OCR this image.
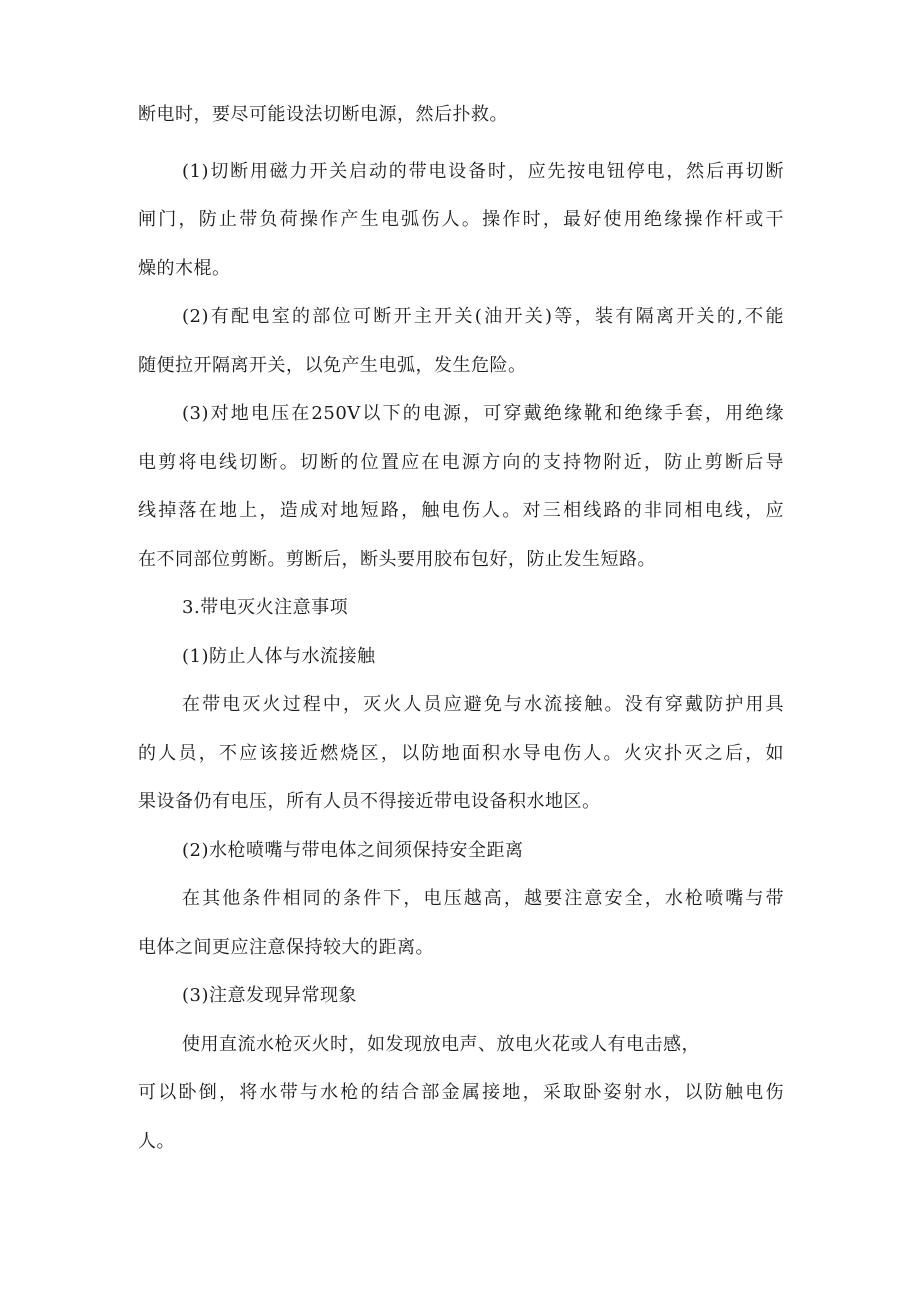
断电时，要尽可能设法切断电源，然后扑救。
(1)切断用磁力开关启动的带电设备时，应先按电钮停电，然后再切断
闸门，防止带负荷操作产生电弧伤人。操作时，最好使用绝缘操作杆或干
燥的木棍。
(2)有配电室的部位可断开主开关(油开关)等，装有隔离开关的,不能
随便拉开隔离开关，以免产生电弧，发生危险。
(3)对地电压在250V以下的电源，可穿戴绝缘靴和绝缘手套，用绝缘
电剪将电线切断。切断的位置应在电源方向的支持物附近，防止剪断后导
线掉落在地上，造成对地短路，触电伤人。对三相线路的非同相电线，应
在不同部位剪断。剪断后，断头要用胶布包好，防止发生短路。
3.带电灭火注意事项
(1)防止人体与水流接触
在带电灭火过程中，灭火人员应避免与水流接触。没有穿戴防护用具
的人员，不应该接近燃烧区，以防地面积水导电伤人。火灾扑灭之后，如
果设备仍有电压，所有人员不得接近带电设备积水地区。
(2)水枪喷嘴与带电体之间须保持安全距离
在其他条件相同的条件下，电压越高，越要注意安全，水枪喷嘴与带
电体之间更应注意保持较大的距离。
(3)注意发现异常现象
使用直流水枪灭火时，如发现放电声、放电火花或人有电击感，
可以卧倒，将水带与水枪的结合部金属接地，采取卧姿射水，以防触电伤
人。
